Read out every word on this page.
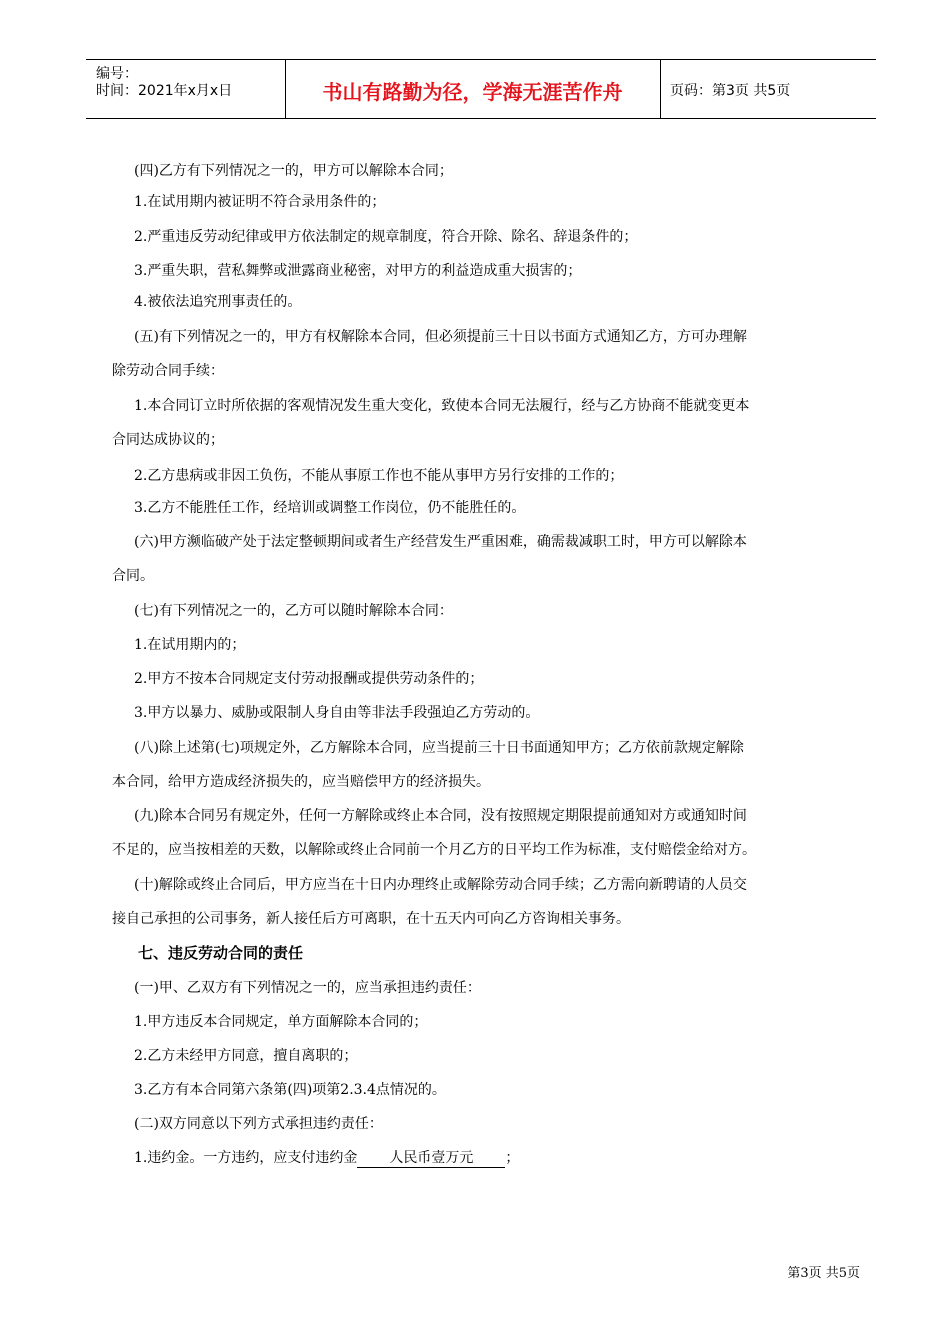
编号：
时间：2021年x月x日	书山有路勤为径，学海无涯苦作舟	页码：第3页 共5页
(四)乙方有下列情况之一的，甲方可以解除本合同；
1.在试用期内被证明不符合录用条件的；
2.严重违反劳动纪律或甲方依法制定的规章制度，符合开除、除名、辞退条件的；
3.严重失职，营私舞弊或泄露商业秘密，对甲方的利益造成重大损害的；
4.被依法追究刑事责任的。
(五)有下列情况之一的，甲方有权解除本合同，但必须提前三十日以书面方式通知乙方，方可办理解
除劳动合同手续：
1.本合同订立时所依据的客观情况发生重大变化，致使本合同无法履行，经与乙方协商不能就变更本
合同达成协议的；
2.乙方患病或非因工负伤，不能从事原工作也不能从事甲方另行安排的工作的；
3.乙方不能胜任工作，经培训或调整工作岗位，仍不能胜任的。
(六)甲方濒临破产处于法定整顿期间或者生产经营发生严重困难，确需裁减职工时，甲方可以解除本
合同。
(七)有下列情况之一的，乙方可以随时解除本合同：
1.在试用期内的；
2.甲方不按本合同规定支付劳动报酬或提供劳动条件的；
3.甲方以暴力、威胁或限制人身自由等非法手段强迫乙方劳动的。
(八)除上述第(七)项规定外，乙方解除本合同，应当提前三十日书面通知甲方；乙方依前款规定解除
本合同，给甲方造成经济损失的，应当赔偿甲方的经济损失。
(九)除本合同另有规定外，任何一方解除或终止本合同，没有按照规定期限提前通知对方或通知时间
不足的，应当按相差的天数，以解除或终止合同前一个月乙方的日平均工作为标准，支付赔偿金给对方。
(十)解除或终止合同后，甲方应当在十日内办理终止或解除劳动合同手续；乙方需向新聘请的人员交
接自己承担的公司事务，新人接任后方可离职，在十五天内可向乙方咨询相关事务。
七、违反劳动合同的责任
(一)甲、乙双方有下列情况之一的，应当承担违约责任：
1.甲方违反本合同规定，单方面解除本合同的；
2.乙方未经甲方同意，擅自离职的；
3.乙方有本合同第六条第(四)项第2.3.4点情况的。
(二)双方同意以下列方式承担违约责任：
1.违约金。一方违约，应支付违约金 人民币壹万元 ；
第3页 共5页
